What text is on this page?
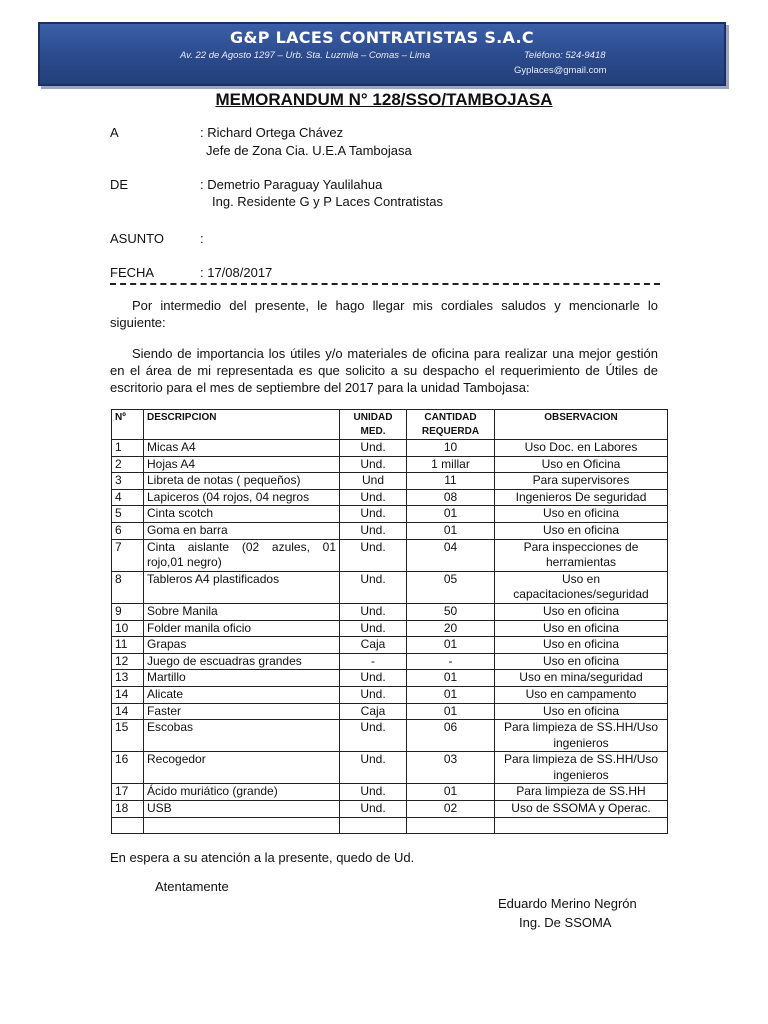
G&P LACES CONTRATISTAS S.A.C
Av. 22 de Agosto 1297 – Urb. Sta. Luzmila – Comas – Lima	Teléfono: 524-9418
Gyplaces@gmail.com
MEMORANDUM N° 128/SSO/TAMBOJASA
A	: Richard Ortega Chávez
Jefe de Zona Cia. U.E.A Tambojasa
DE	: Demetrio Paraguay Yaulilahua
Ing. Residente G y P Laces Contratistas
ASUNTO	:
FECHA	: 17/08/2017

Por intermedio del presente, le hago llegar mis cordiales saludos y mencionarle lo siguiente:

Siendo de importancia los útiles y/o materiales de oficina para realizar una mejor gestión en el área de mi representada es que solicito a su despacho el requerimiento de Útiles de escritorio para el mes de septiembre del 2017 para la unidad Tambojasa:

Nº	DESCRIPCION	UNIDAD MED.	CANTIDAD REQUERDA	OBSERVACION
1	Micas A4	Und.	10	Uso Doc. en Labores
2	Hojas A4	Und.	1 millar	Uso en Oficina
3	Libreta de notas ( pequeños)	Und	11	Para supervisores
4	Lapiceros (04 rojos, 04 negros	Und.	08	Ingenieros De seguridad
5	Cinta scotch	Und.	01	Uso en oficina
6	Goma en barra	Und.	01	Uso en oficina
7	Cinta aislante (02 azules, 01 rojo,01 negro)	Und.	04	Para inspecciones de herramientas
8	Tableros A4 plastificados	Und.	05	Uso en capacitaciones/seguridad
9	Sobre Manila	Und.	50	Uso en oficina
10	Folder manila oficio	Und.	20	Uso en oficina
11	Grapas	Caja	01	Uso en oficina
12	Juego de escuadras grandes	-	-	Uso en oficina
13	Martillo	Und.	01	Uso en mina/seguridad
14	Alicate	Und.	01	Uso en campamento
14	Faster	Caja	01	Uso en oficina
15	Escobas	Und.	06	Para limpieza de SS.HH/Uso ingenieros
16	Recogedor	Und.	03	Para limpieza de SS.HH/Uso ingenieros
17	Ácido muriático (grande)	Und.	01	Para limpieza de SS.HH
18	USB	Und.	02	Uso de SSOMA y Operac.

En espera a su atención a la presente, quedo de Ud.
Atentamente
Eduardo Merino Negrón
Ing. De SSOMA
